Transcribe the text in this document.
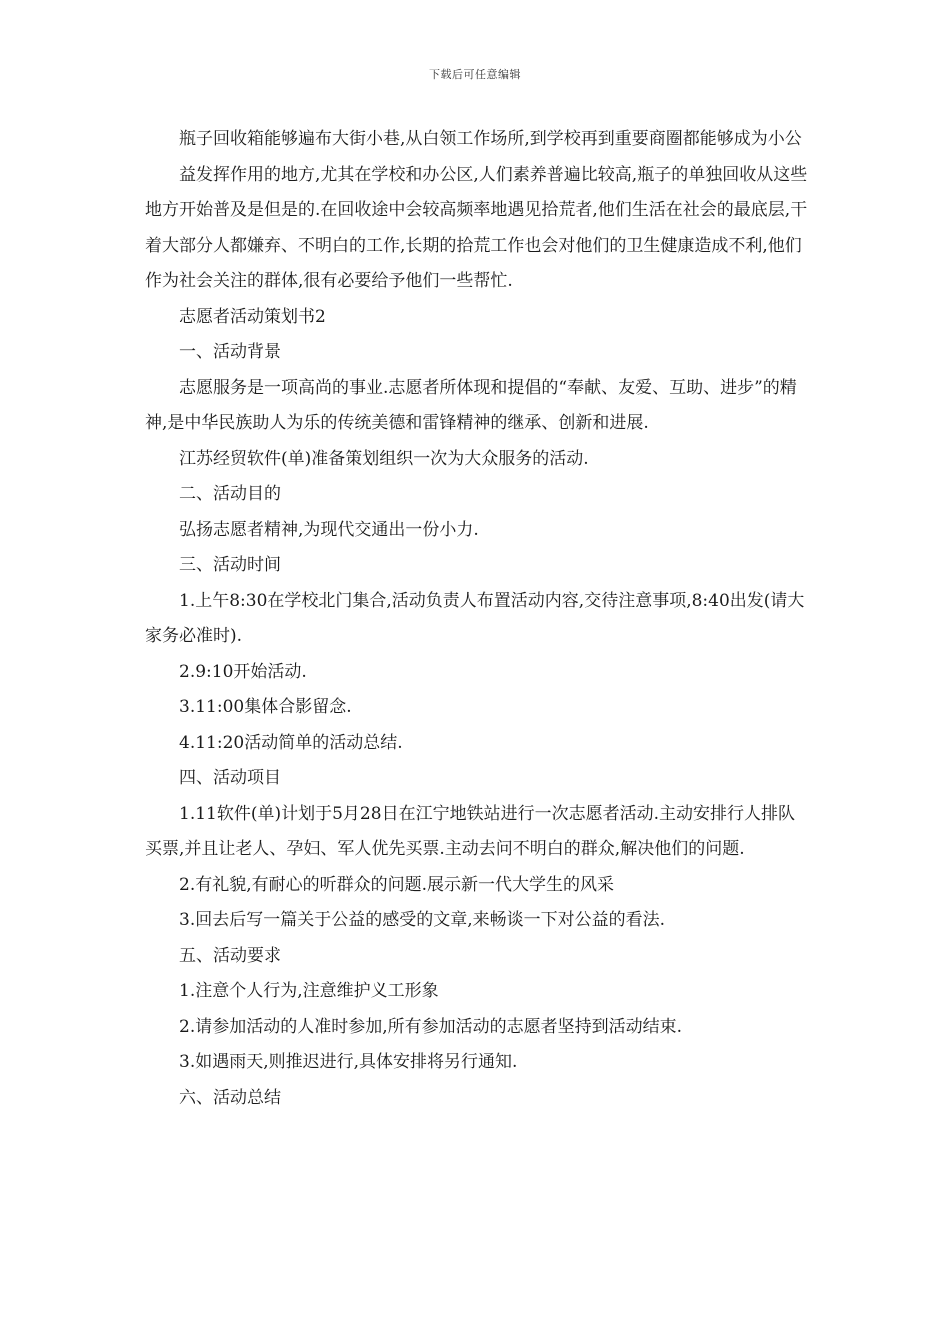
下载后可任意编辑

瓶子回收箱能够遍布大街小巷,从白领工作场所,到学校再到重要商圈都能够成为小公

益发挥作用的地方,尤其在学校和办公区,人们素养普遍比较高,瓶子的单独回收从这些地方开始普及是但是的.在回收途中会较高频率地遇见拾荒者,他们生活在社会的最底层,干着大部分人都嫌弃、不明白的工作,长期的拾荒工作也会对他们的卫生健康造成不利,他们作为社会关注的群体,很有必要给予他们一些帮忙.

志愿者活动策划书2

一、活动背景

志愿服务是一项高尚的事业.志愿者所体现和提倡的“奉献、友爱、互助、进步”的精神,是中华民族助人为乐的传统美德和雷锋精神的继承、创新和进展.

江苏经贸软件(单)准备策划组织一次为大众服务的活动.

二、活动目的

弘扬志愿者精神,为现代交通出一份小力.

三、活动时间

1.上午8:30在学校北门集合,活动负责人布置活动内容,交待注意事项,8:40出发(请大家务必准时).

2.9:10开始活动.

3.11:00集体合影留念.

4.11:20活动简单的活动总结.

四、活动项目

1.11软件(单)计划于5月28日在江宁地铁站进行一次志愿者活动.主动安排行人排队买票,并且让老人、孕妇、军人优先买票.主动去问不明白的群众,解决他们的问题.

2.有礼貌,有耐心的听群众的问题.展示新一代大学生的风采

3.回去后写一篇关于公益的感受的文章,来畅谈一下对公益的看法.

五、活动要求

1.注意个人行为,注意维护义工形象

2.请参加活动的人准时参加,所有参加活动的志愿者坚持到活动结束.

3.如遇雨天,则推迟进行,具体安排将另行通知.

六、活动总结
